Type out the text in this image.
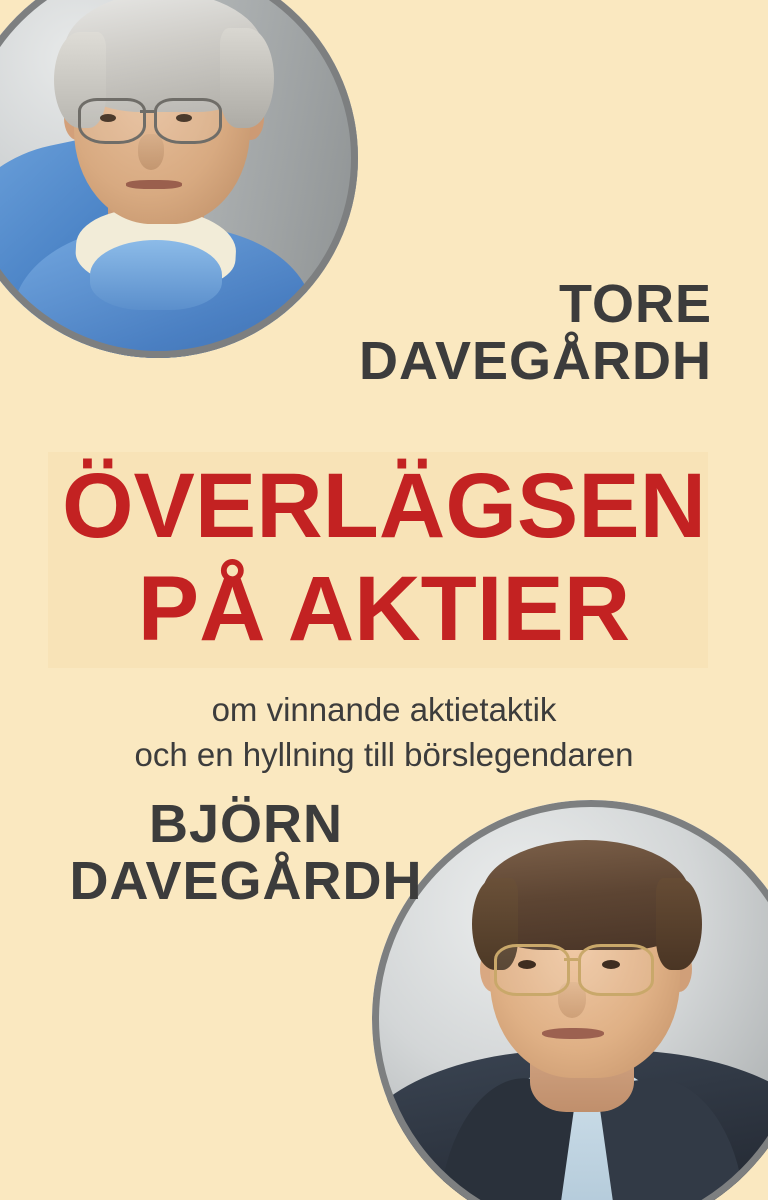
TORE
DAVEGÅRDH
ÖVERLÄGSEN
PÅ AKTIER
om vinnande aktietaktik
och en hyllning till börslegendaren
BJÖRN
DAVEGÅRDH
